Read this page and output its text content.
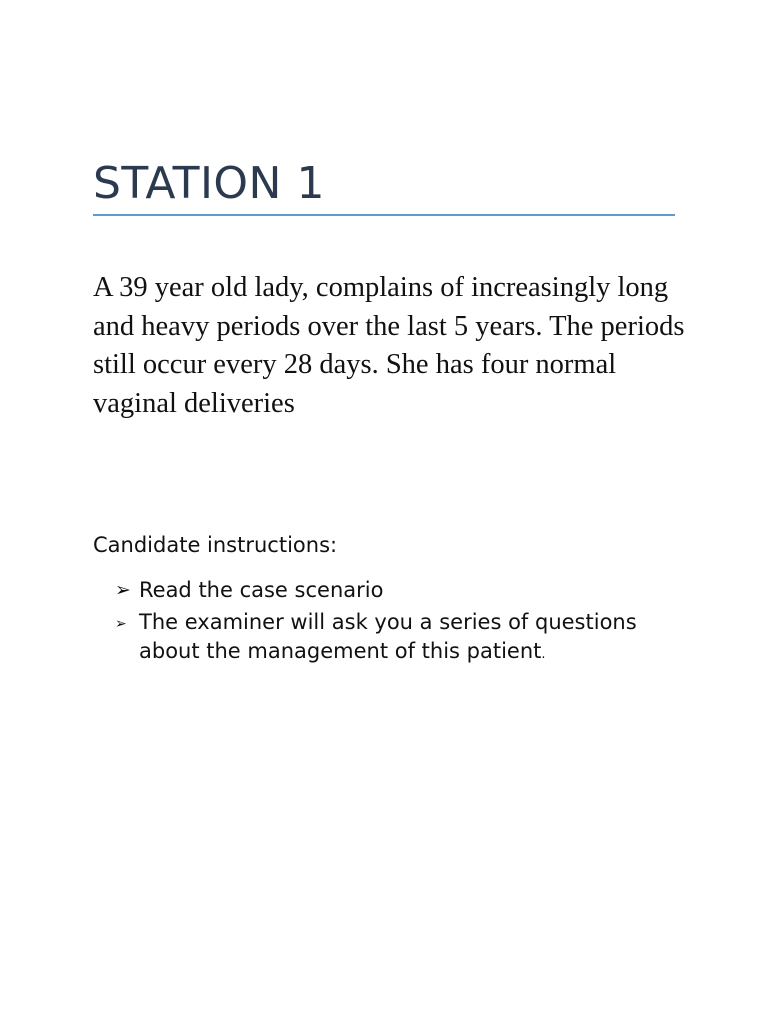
STATION 1

A 39 year old lady, complains of increasingly long and heavy periods over the last 5 years. The periods still occur every 28 days. She has four normal vaginal deliveries

Candidate instructions:

➢ Read the case scenario
➢ The examiner will ask you a series of questions about the management of this patient.
